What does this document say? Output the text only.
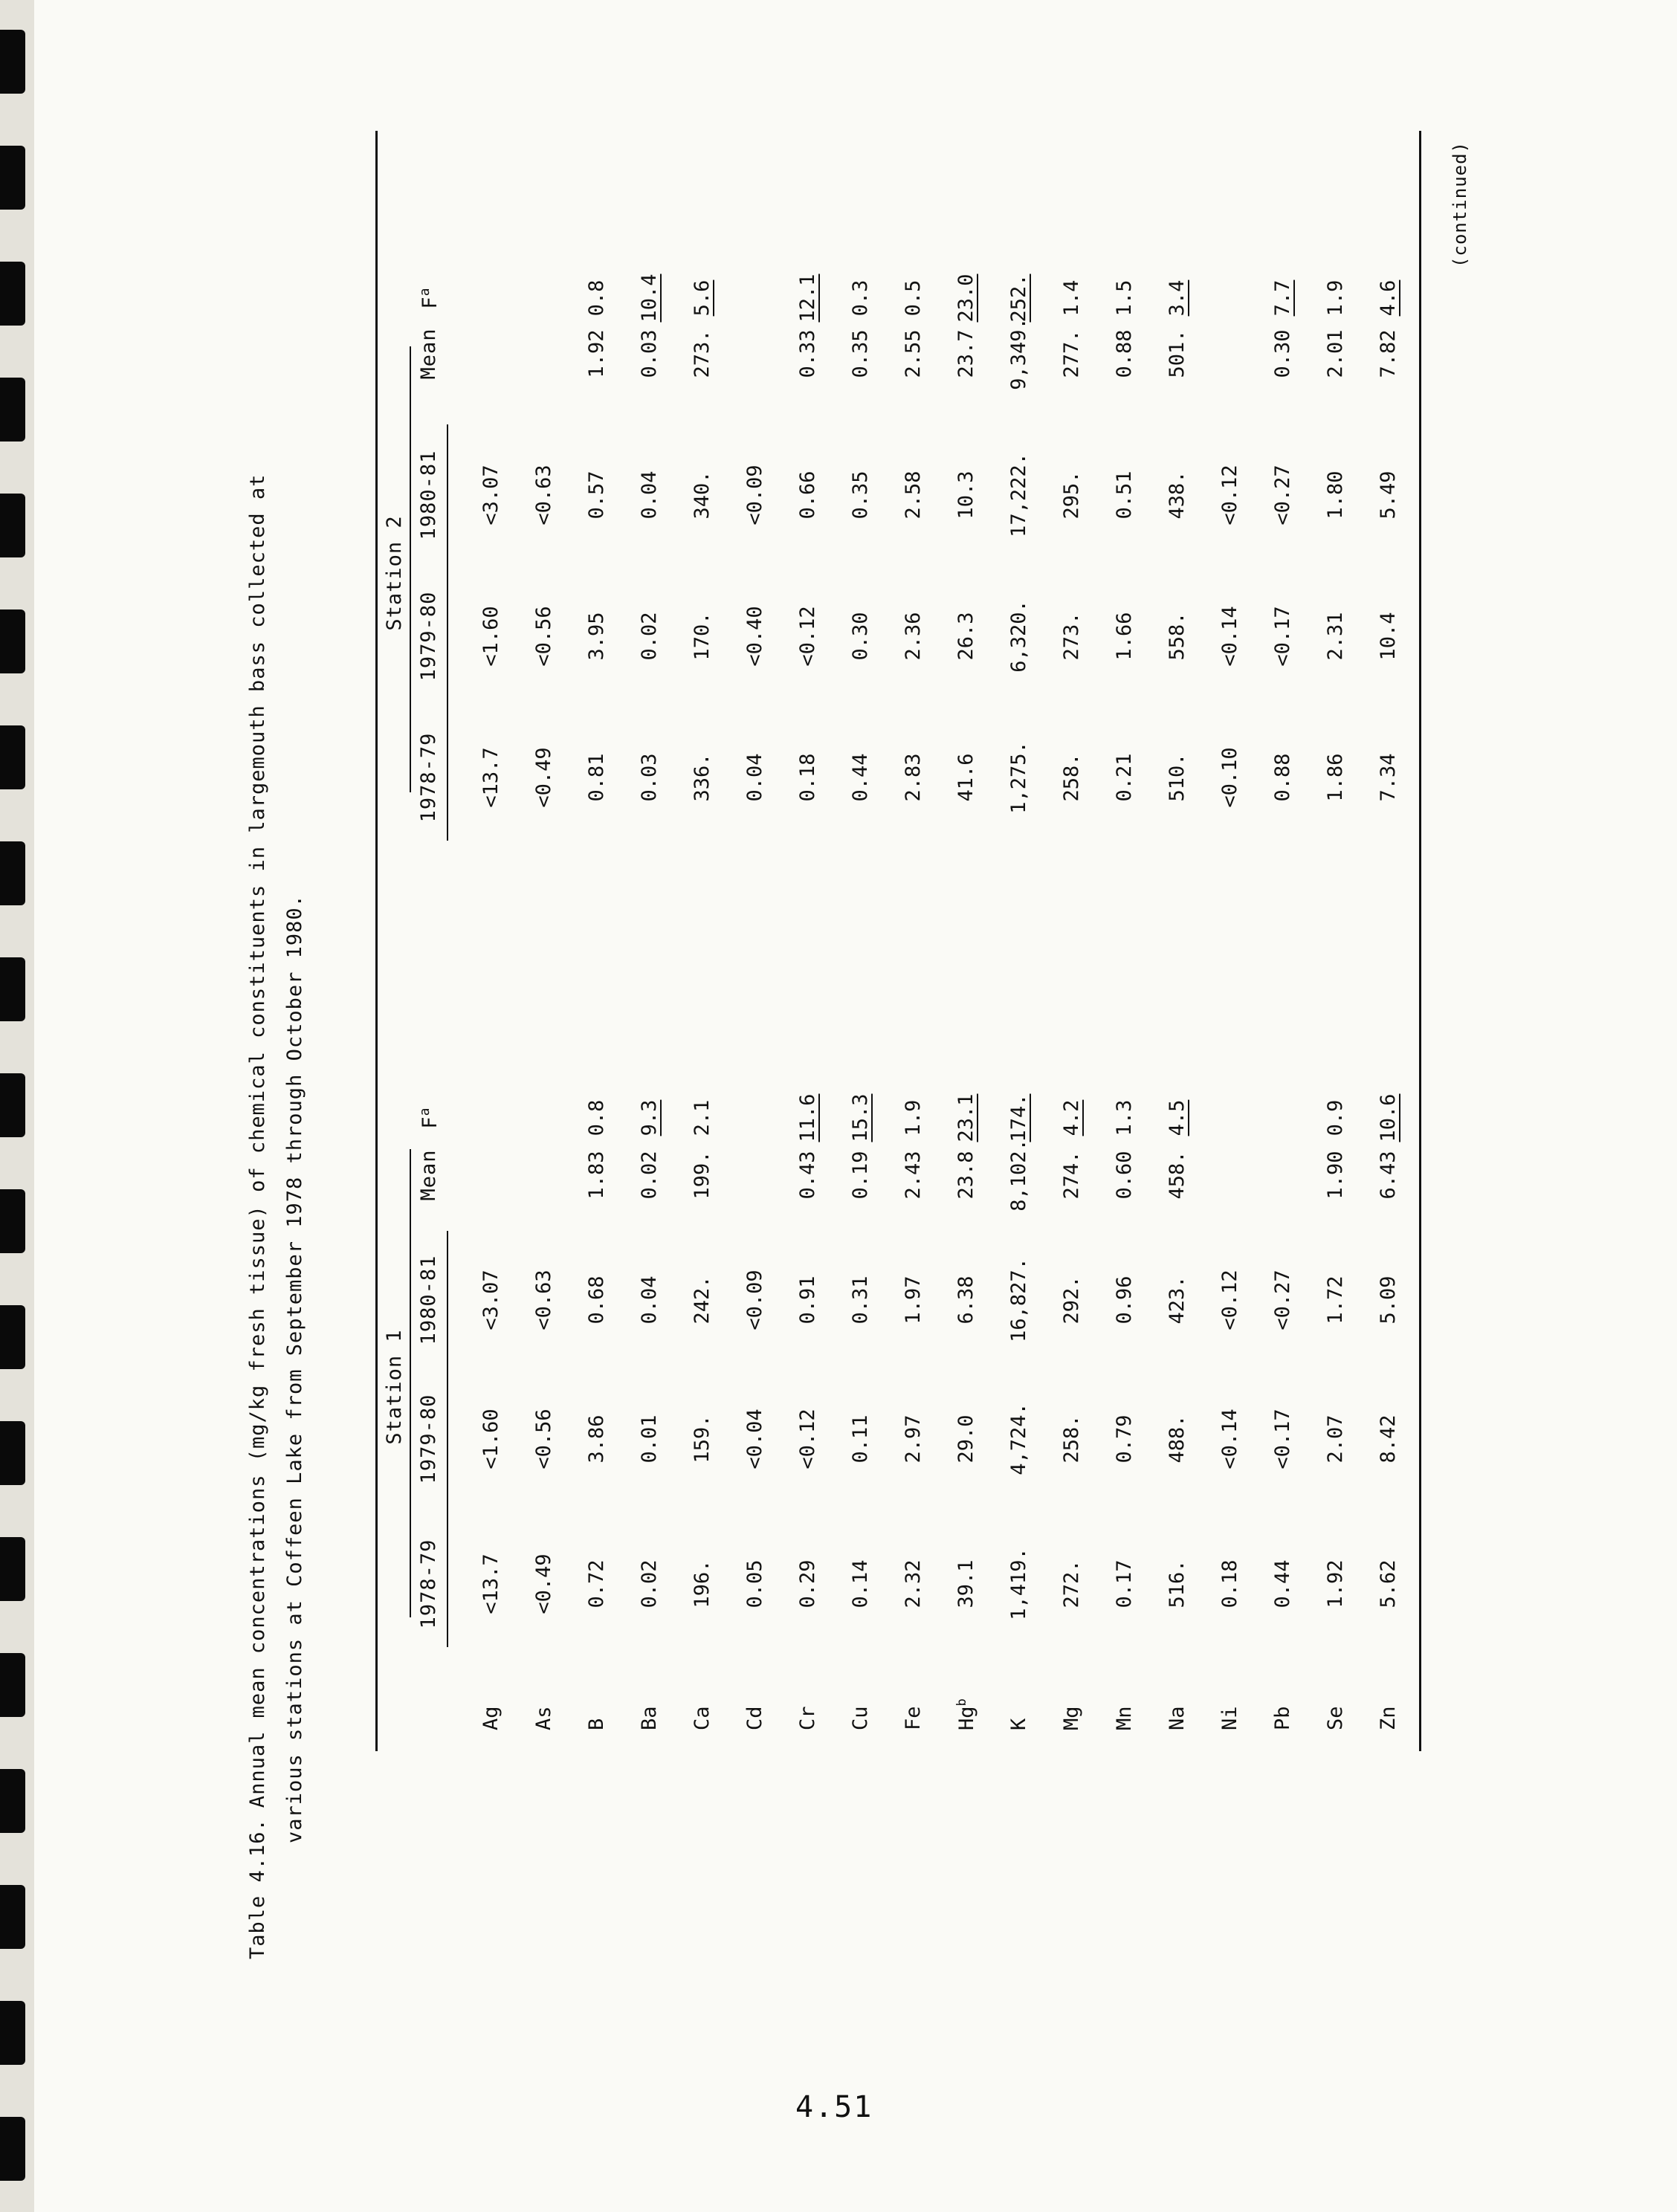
Table 4.16.Annual mean concentrations (mg/kg fresh tissue) of chemical constituents in largemouth bass collected at various stations at Coffeen Lake from September 1978 through October 1980.	Station 1
Station 2
1978-79
1979-80
1980-81
Mean
$F^a$
1978-79
1979-80
1980-81
Mean
$F^a$
Ag
<13.7
<1.60
<3.07
<13.7
<1.60
<3.07
As
<0.49
<0.56
<0.63
<0.49
<0.56
<0.63
B
0.72
3.86
0.68
1.83
0.8
0.81
3.95
0.57
1.92
0.8
Ba
0.02
0.01
0.04
0.02
9.3
0.03
0.02
0.04
0.03
10.4
Ca
196.
159.
242.
199.
2.1
336.
170.
340.
273.
5.6
Cd
0.05
<0.04
<0.09
0.04
<0.40
<0.09
Cr
0.29
<0.12
0.91
0.43
11.6
0.18
<0.12
0.66
0.33
12.1
Cu
0.14
0.11
0.31
0.19
15.3
0.44
0.30
0.35
0.35
0.3
Fe
2.32
2.97
1.97
2.43
1.9
2.83
2.36
2.58
2.55
0.5
Hg$^b$
39.1
29.0
6.38
23.8
23.1
41.6
26.3
10.3
23.7
23.0
K
1,419.
4,724.
16,827.
8,102.
174.
1,275.
6,320.
17,222.
9,349.
252.
Mg
272.
258.
292.
274.
4.2
258.
273.
295.
277.
1.4
Mn
0.17
0.79
0.96
0.60
1.3
0.21
1.66
0.51
0.88
1.5
Na
516.
488.
423.
458.
4.5
510.
558.
438.
501.
3.4
Ni
0.18
<0.14
<0.12
<0.10
<0.14
<0.12
Pb
0.44
<0.17
<0.27
0.88
<0.17
<0.27
0.30
7.7
Se
1.92
2.07
1.72
1.90
0.9
1.86
2.31
1.80
2.01
1.9
Zn
5.62
8.42
5.09
6.43
10.6
7.34
10.4
5.49
7.82
4.6
(continued)
4.51
